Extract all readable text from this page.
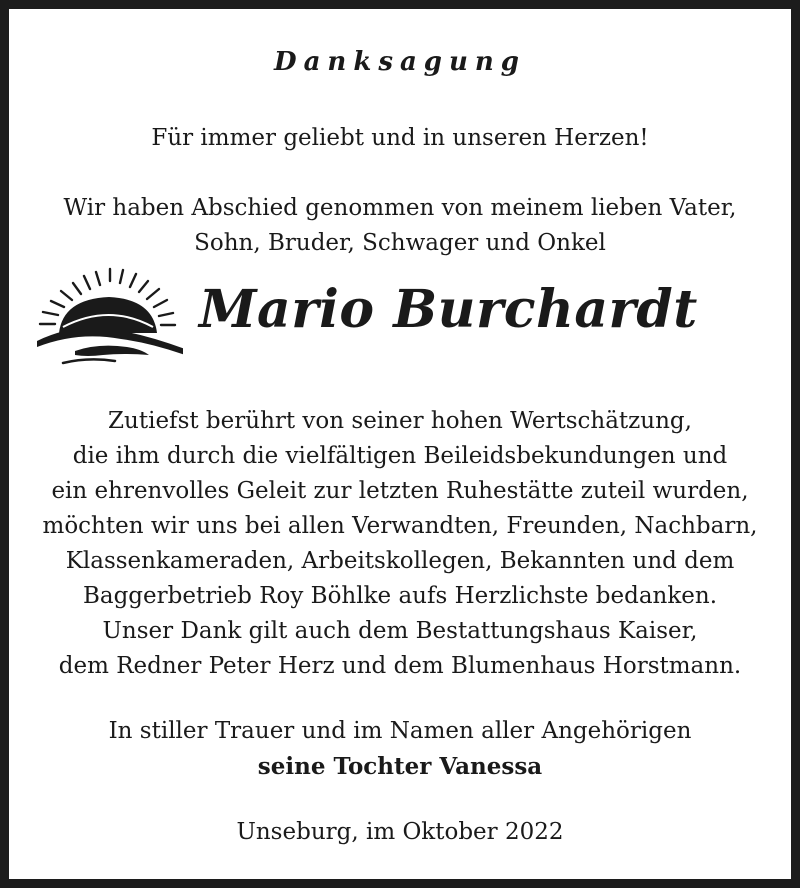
Danksagung
Für immer geliebt und in unseren Herzen!
Wir haben Abschied genommen von meinem lieben Vater,
Sohn, Bruder, Schwager und Onkel
Mario Burchardt
Zutiefst berührt von seiner hohen Wertschätzung,
die ihm durch die vielfältigen Beileidsbekundungen und
ein ehrenvolles Geleit zur letzten Ruhestätte zuteil wurden,
möchten wir uns bei allen Verwandten, Freunden, Nachbarn,
Klassenkameraden, Arbeitskollegen, Bekannten und dem
Baggerbetrieb Roy Böhlke aufs Herzlichste bedanken.
Unser Dank gilt auch dem Bestattungshaus Kaiser,
dem Redner Peter Herz und dem Blumenhaus Horstmann.
In stiller Trauer und im Namen aller Angehörigen
seine Tochter Vanessa
Unseburg, im Oktober 2022
